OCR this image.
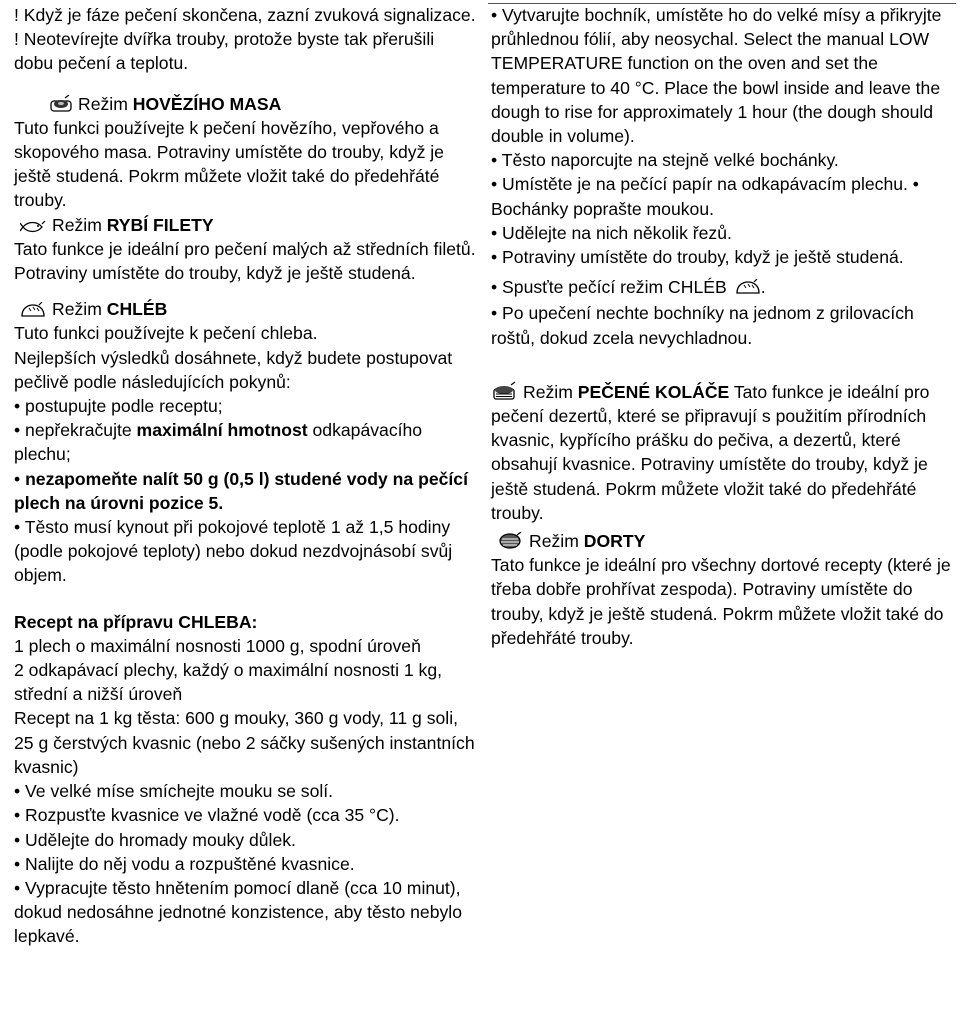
! Když je fáze pečení skončena, zazní zvuková signalizace.

! Neotevírejte dvířka trouby, protože byste tak přerušili dobu pečení a teplotu.

Režim HOVĚZÍHO MASA

Tuto funkci používejte k pečení hovězího, vepřového a skopového masa. Potraviny umístěte do trouby, když je ještě studená. Pokrm můžete vložit také do předehřáté trouby.

Režim RYBÍ FILETY

Tato funkce je ideální pro pečení malých až středních filetů. Potraviny umístěte do trouby, když je ještě studená.

Režim CHLÉB

Tuto funkci používejte k pečení chleba.

Nejlepších výsledků dosáhnete, když budete postupovat pečlivě podle následujících pokynů:

• postupujte podle receptu;

• nepřekračujte maximální hmotnost odkapávacího plechu;

• nezapomeňte nalít 50 g (0,5 l) studené vody na pečící plech na úrovni pozice 5.

• Těsto musí kynout při pokojové teplotě 1 až 1,5 hodiny (podle pokojové teploty) nebo dokud nezdvojnásobí svůj objem.

Recept na přípravu CHLEBA:

1 plech o maximální nosnosti 1000 g, spodní úroveň

2 odkapávací plechy, každý o maximální nosnosti 1 kg, střední a nižší úroveň

Recept na 1 kg těsta: 600 g mouky, 360 g vody, 11 g soli, 25 g čerstvých kvasnic (nebo 2 sáčky sušených instantních kvasnic)

• Ve velké míse smíchejte mouku se solí.

• Rozpusťte kvasnice ve vlažné vodě (cca 35 °C).

• Udělejte do hromady mouky důlek.

• Nalijte do něj vodu a rozpuštěné kvasnice.

• Vypracujte těsto hnětením pomocí dlaně (cca 10 minut), dokud nedosáhne jednotné konzistence, aby těsto nebylo lepkavé.

• Vytvarujte bochník, umístěte ho do velké mísy a přikryjte průhlednou fólií, aby neosychal. Select the manual LOW TEMPERATURE function on the oven and set the temperature to 40 °C. Place the bowl inside and leave the dough to rise for approximately 1 hour (the dough should double in volume).

• Těsto naporcujte na stejně velké bochánky.

• Umístěte je na pečící papír na odkapávacím plechu. • Bochánky poprašte moukou.

• Udělejte na nich několik řezů.

• Potraviny umístěte do trouby, když je ještě studená.

• Spusťte pečící režim CHLÉB .

• Po upečení nechte bochníky na jednom z grilovacích roštů, dokud zcela nevychladnou.

Režim PEČENÉ KOLÁČE Tato funkce je ideální pro pečení dezertů, které se připravují s použitím přírodních kvasnic, kypřícího prášku do pečiva, a dezertů, které obsahují kvasnice. Potraviny umístěte do trouby, když je ještě studená. Pokrm můžete vložit také do předehřáté trouby.

Režim DORTY

Tato funkce je ideální pro všechny dortové recepty (které je třeba dobře prohřívat zespoda). Potraviny umístěte do trouby, když je ještě studená. Pokrm můžete vložit také do předehřáté trouby.
